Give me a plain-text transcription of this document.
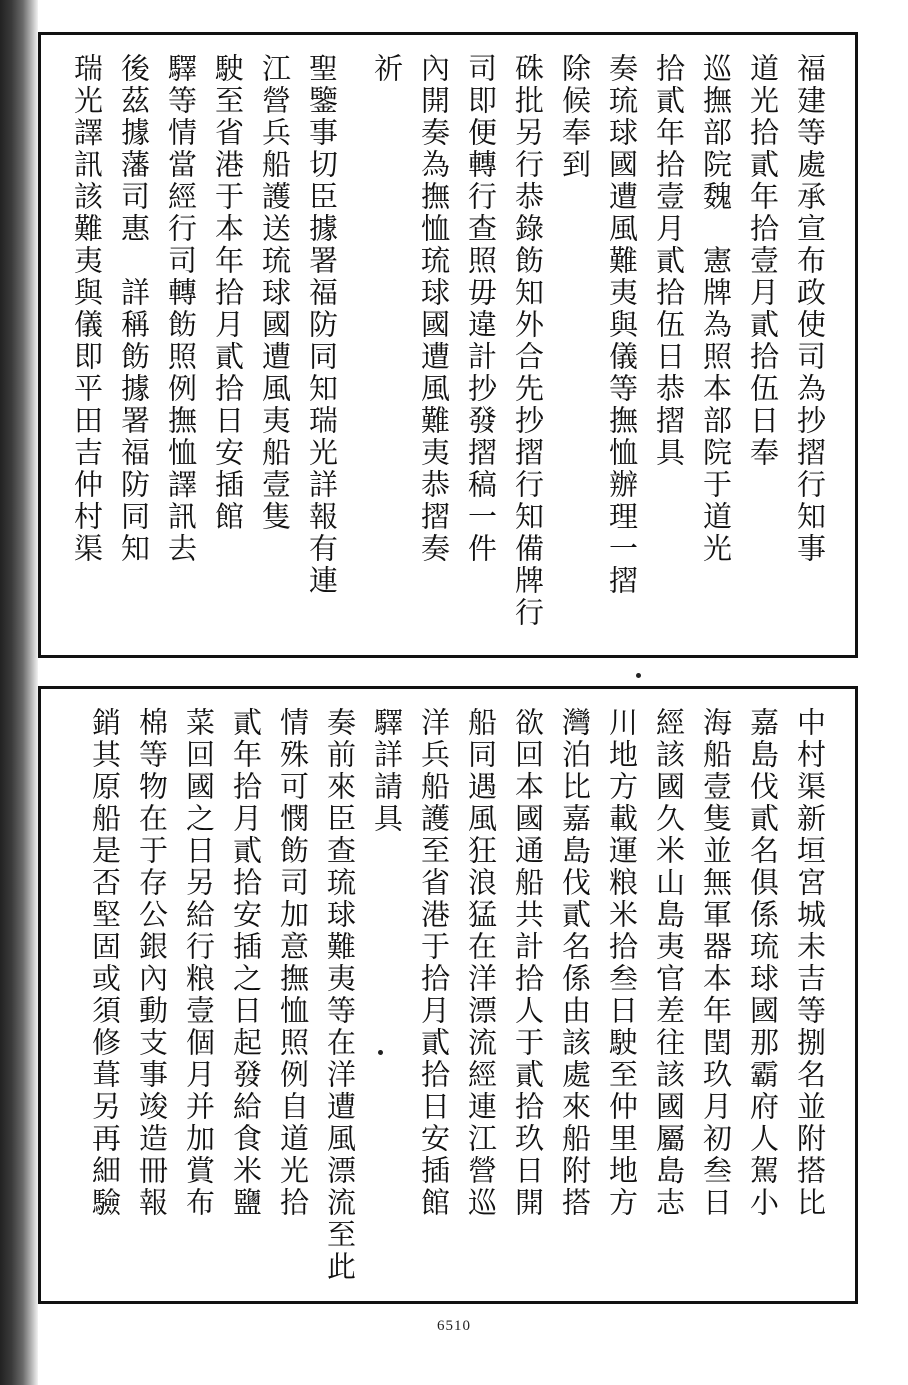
福建等處承宣布政使司為抄摺行知事
道光拾貳年拾壹月貳拾伍日奉
巡撫部院魏　憲牌為照本部院于道光
拾貳年拾壹月貳拾伍日恭摺具
奏琉球國遭風難夷與儀等撫恤辦理一摺
除候奉到
硃批另行恭錄飭知外合先抄摺行知備牌行
司即便轉行查照毋違計抄發摺稿一件
內開奏為撫恤琉球國遭風難夷恭摺奏
祈
聖鑒事切臣據署福防同知瑞光詳報有連
江營兵船護送琉球國遭風夷船壹隻
駛至省港于本年拾月貳拾日安插館
驛等情當經行司轉飭照例撫恤譯訊去
後茲據藩司惠　詳稱飭據署福防同知
瑞光譯訊該難夷與儀即平田吉仲村渠
中村渠新垣宮城未吉等捌名並附搭比
嘉島伐貳名俱係琉球國那霸府人駕小
海船壹隻並無軍器本年閏玖月初叁日
經該國久米山島夷官差往該國屬島志
川地方載運粮米拾叁日駛至仲里地方
灣泊比嘉島伐貳名係由該處來船附搭
欲回本國通船共計拾人于貳拾玖日開
船同遇風狂浪猛在洋漂流經連江營巡
洋兵船護至省港于拾月貳拾日安插館
驛詳請具
奏前來臣查琉球難夷等在洋遭風漂流至此
情殊可憫飭司加意撫恤照例自道光拾
貳年拾月貳拾安插之日起發給食米鹽
菜回國之日另給行粮壹個月并加賞布
棉等物在于存公銀內動支事竣造冊報
銷其原船是否堅固或須修葺另再細驗
6510
